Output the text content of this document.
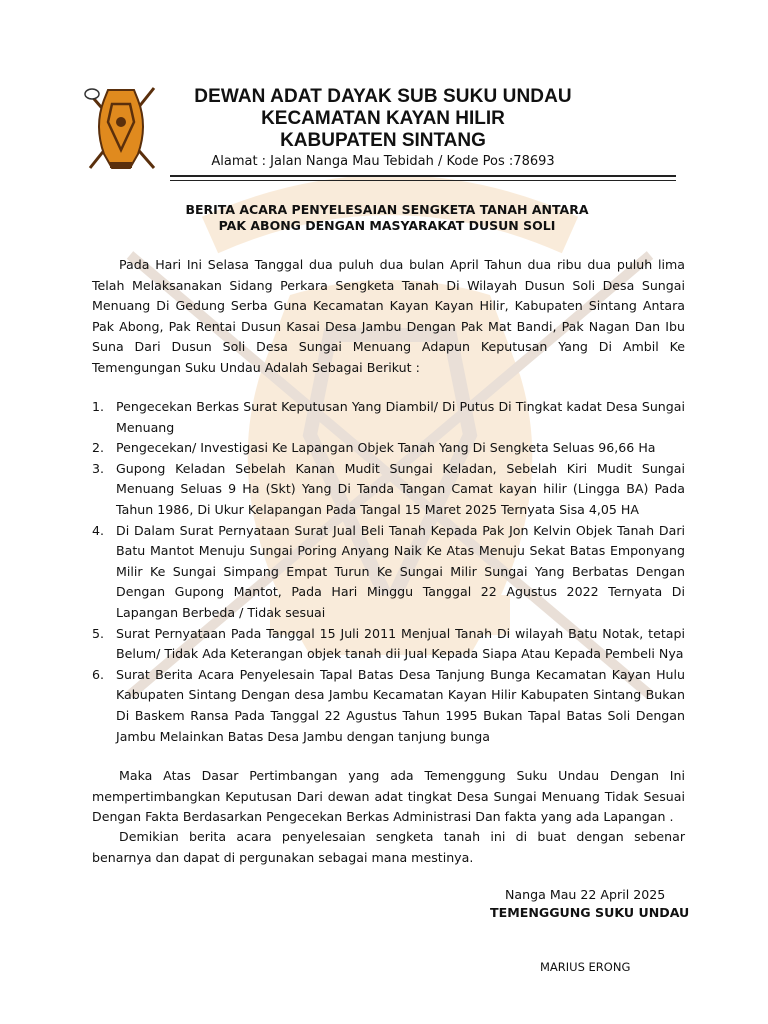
DEWAN ADAT DAYAK SUB SUKU UNDAU
KECAMATAN KAYAN HILIR
KABUPATEN SINTANG
Alamat : Jalan Nanga Mau Tebidah / Kode Pos :78693
BERITA ACARA PENYELESAIAN SENGKETA TANAH ANTARA
PAK ABONG DENGAN MASYARAKAT DUSUN SOLI
Pada Hari Ini Selasa Tanggal dua puluh dua bulan April Tahun dua ribu dua puluh lima Telah Melaksanakan Sidang Perkara Sengketa Tanah Di Wilayah Dusun Soli Desa Sungai Menuang Di Gedung Serba Guna Kecamatan Kayan Kayan Hilir, Kabupaten Sintang Antara Pak Abong, Pak Rentai Dusun Kasai Desa Jambu Dengan Pak Mat Bandi, Pak Nagan Dan Ibu Suna Dari Dusun Soli Desa Sungai Menuang Adapun Keputusan Yang Di Ambil Ke Temengungan Suku Undau Adalah Sebagai Berikut :
1. Pengecekan Berkas Surat Keputusan Yang Diambil/ Di Putus Di Tingkat kadat Desa Sungai Menuang
2. Pengecekan/ Investigasi Ke Lapangan Objek Tanah Yang Di Sengketa Seluas 96,66 Ha
3. Gupong Keladan Sebelah Kanan Mudit Sungai Keladan, Sebelah Kiri Mudit Sungai Menuang Seluas 9 Ha (Skt) Yang Di Tanda Tangan Camat kayan hilir (Lingga BA) Pada Tahun 1986, Di Ukur Kelapangan Pada Tangal 15 Maret 2025 Ternyata Sisa 4,05 HA
4. Di Dalam Surat Pernyataan Surat Jual Beli Tanah Kepada Pak Jon Kelvin Objek Tanah Dari Batu Mantot Menuju Sungai Poring Anyang Naik Ke Atas Menuju Sekat Batas Emponyang Milir Ke Sungai Simpang Empat Turun Ke Sungai Milir Sungai Yang Berbatas Dengan Dengan Gupong Mantot, Pada Hari Minggu Tanggal 22 Agustus 2022 Ternyata Di Lapangan Berbeda / Tidak sesuai
5. Surat Pernyataan Pada Tanggal 15 Juli 2011 Menjual Tanah Di wilayah Batu Notak, tetapi Belum/ Tidak Ada Keterangan objek tanah dii Jual Kepada Siapa Atau Kepada Pembeli Nya
6. Surat Berita Acara Penyelesain Tapal Batas Desa Tanjung Bunga Kecamatan Kayan Hulu Kabupaten Sintang Dengan desa Jambu Kecamatan Kayan Hilir Kabupaten Sintang Bukan Di Baskem Ransa Pada Tanggal 22 Agustus Tahun 1995 Bukan Tapal Batas Soli Dengan Jambu Melainkan Batas Desa Jambu dengan tanjung bunga
Maka Atas Dasar Pertimbangan yang ada Temenggung Suku Undau Dengan Ini mempertimbangkan Keputusan Dari dewan adat tingkat Desa Sungai Menuang Tidak Sesuai Dengan Fakta Berdasarkan Pengecekan Berkas Administrasi Dan fakta yang ada Lapangan .
Demikian berita acara penyelesaian sengketa tanah ini di buat dengan sebenar benarnya dan dapat di pergunakan sebagai mana mestinya.
Nanga Mau 22 April 2025
TEMENGGUNG SUKU UNDAU
MARIUS ERONG
